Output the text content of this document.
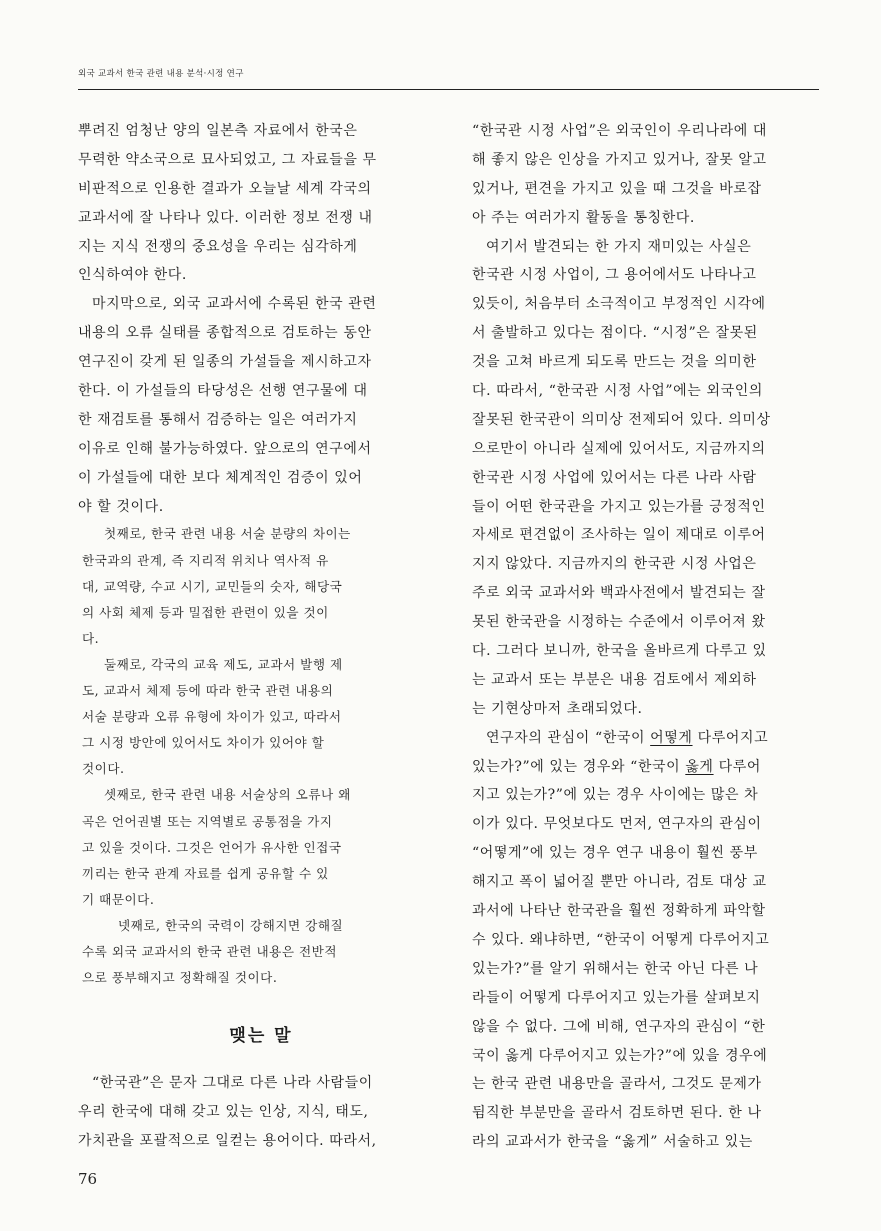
외국 교과서 한국 관련 내용 분석·시정 연구
뿌려진 엄청난 양의 일본측 자료에서 한국은
무력한 약소국으로 묘사되었고, 그 자료들을 무
비판적으로 인용한 결과가 오늘날 세계 각국의
교과서에 잘 나타나 있다. 이러한 정보 전쟁 내
지는 지식 전쟁의 중요성을 우리는 심각하게
인식하여야 한다.
마지막으로, 외국 교과서에 수록된 한국 관련
내용의 오류 실태를 종합적으로 검토하는 동안
연구진이 갖게 된 일종의 가설들을 제시하고자
한다. 이 가설들의 타당성은 선행 연구물에 대
한 재검토를 통해서 검증하는 일은 여러가지
이유로 인해 불가능하였다. 앞으로의 연구에서
이 가설들에 대한 보다 체계적인 검증이 있어
야 할 것이다.
첫째로, 한국 관련 내용 서술 분량의 차이는
한국과의 관계, 즉 지리적 위치나 역사적 유
대, 교역량, 수교 시기, 교민들의 숫자, 해당국
의 사회 체제 등과 밀접한 관련이 있을 것이
다.
둘째로, 각국의 교육 제도, 교과서 발행 제
도, 교과서 체제 등에 따라 한국 관련 내용의
서술 분량과 오류 유형에 차이가 있고, 따라서
그 시정 방안에 있어서도 차이가 있어야 할
것이다.
셋째로, 한국 관련 내용 서술상의 오류나 왜
곡은 언어권별 또는 지역별로 공통점을 가지
고 있을 것이다. 그것은 언어가 유사한 인접국
끼리는 한국 관계 자료를 쉽게 공유할 수 있
기 때문이다.
넷째로, 한국의 국력이 강해지면 강해질
수록 외국 교과서의 한국 관련 내용은 전반적
으로 풍부해지고 정확해질 것이다.
맺는 말
“한국관”은 문자 그대로 다른 나라 사람들이
우리 한국에 대해 갖고 있는 인상, 지식, 태도,
가치관을 포괄적으로 일컫는 용어이다. 따라서,
“한국관 시정 사업”은 외국인이 우리나라에 대
해 좋지 않은 인상을 가지고 있거나, 잘못 알고
있거나, 편견을 가지고 있을 때 그것을 바로잡
아 주는 여러가지 활동을 통칭한다.
여기서 발견되는 한 가지 재미있는 사실은
한국관 시정 사업이, 그 용어에서도 나타나고
있듯이, 처음부터 소극적이고 부정적인 시각에
서 출발하고 있다는 점이다. “시정”은 잘못된
것을 고쳐 바르게 되도록 만드는 것을 의미한
다. 따라서, “한국관 시정 사업”에는 외국인의
잘못된 한국관이 의미상 전제되어 있다. 의미상
으로만이 아니라 실제에 있어서도, 지금까지의
한국관 시정 사업에 있어서는 다른 나라 사람
들이 어떤 한국관을 가지고 있는가를 긍정적인
자세로 편견없이 조사하는 일이 제대로 이루어
지지 않았다. 지금까지의 한국관 시정 사업은
주로 외국 교과서와 백과사전에서 발견되는 잘
못된 한국관을 시정하는 수준에서 이루어져 왔
다. 그러다 보니까, 한국을 올바르게 다루고 있
는 교과서 또는 부분은 내용 검토에서 제외하
는 기현상마저 초래되었다.
연구자의 관심이 “한국이 어떻게 다루어지고
있는가?”에 있는 경우와 “한국이 옳게 다루어
지고 있는가?”에 있는 경우 사이에는 많은 차
이가 있다. 무엇보다도 먼저, 연구자의 관심이
“어떻게”에 있는 경우 연구 내용이 훨씬 풍부
해지고 폭이 넓어질 뿐만 아니라, 검토 대상 교
과서에 나타난 한국관을 훨씬 정확하게 파악할
수 있다. 왜냐하면, “한국이 어떻게 다루어지고
있는가?”를 알기 위해서는 한국 아닌 다른 나
라들이 어떻게 다루어지고 있는가를 살펴보지
않을 수 없다. 그에 비해, 연구자의 관심이 “한
국이 옳게 다루어지고 있는가?”에 있을 경우에
는 한국 관련 내용만을 골라서, 그것도 문제가
뒴직한 부분만을 골라서 검토하면 된다. 한 나
라의 교과서가 한국을 “옳게” 서술하고 있는
76
